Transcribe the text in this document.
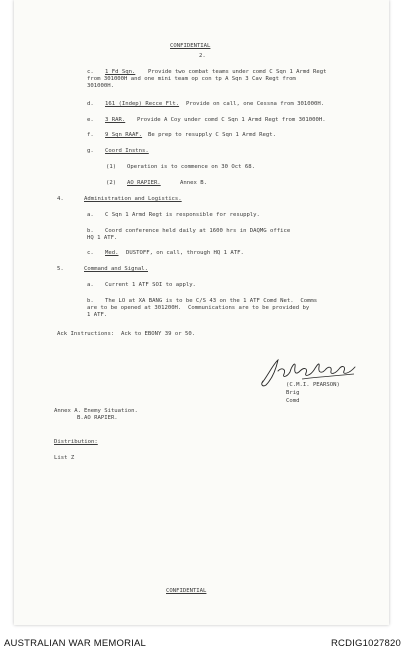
CONFIDENTIAL
2.
c. 1 Fd Sqn. Provide two combat teams under comd C Sqn 1 Armd Regt
from 301000H and one mini team op con tp A Sqn 3 Cav Regt from
301000H.
d. 161 (Indep) Recce Flt. Provide on call, one Cessna from 301000H.
e. 3 RAR. Provide A Coy under comd C Sqn 1 Armd Regt from 301000H.
f. 9 Sqn RAAF. Be prep to resupply C Sqn 1 Armd Regt.
g. Coord Instns.
(1) Operation is to commence on 30 Oct 68.
(2) AO RAPIER.	Annex B.
4.	Administration and Logistics.
a. C Sqn 1 Armd Regt is responsible for resupply.
b. Coord conference held daily at 1600 hrs in DAQMG office
HQ 1 ATF.
c. Med. DUSTOFF, on call, through HQ 1 ATF.
5.	Command and Signal.
a. Current 1 ATF SOI to apply.
b. The LO at XA BANG is to be C/S 43 on the 1 ATF Comd Net.  Comms
are to be opened at 301200H.  Communications are to be provided by
1 ATF.
Ack Instructions:  Ack to EBONY 39 or 50.
(C.M.I. PEARSON)
Brig
Comd
Annex A. Enemy Situation.
B. AO RAPIER.
Distribution:
List Z
CONFIDENTIAL
AUSTRALIAN WAR MEMORIAL	RCDIG1027820
